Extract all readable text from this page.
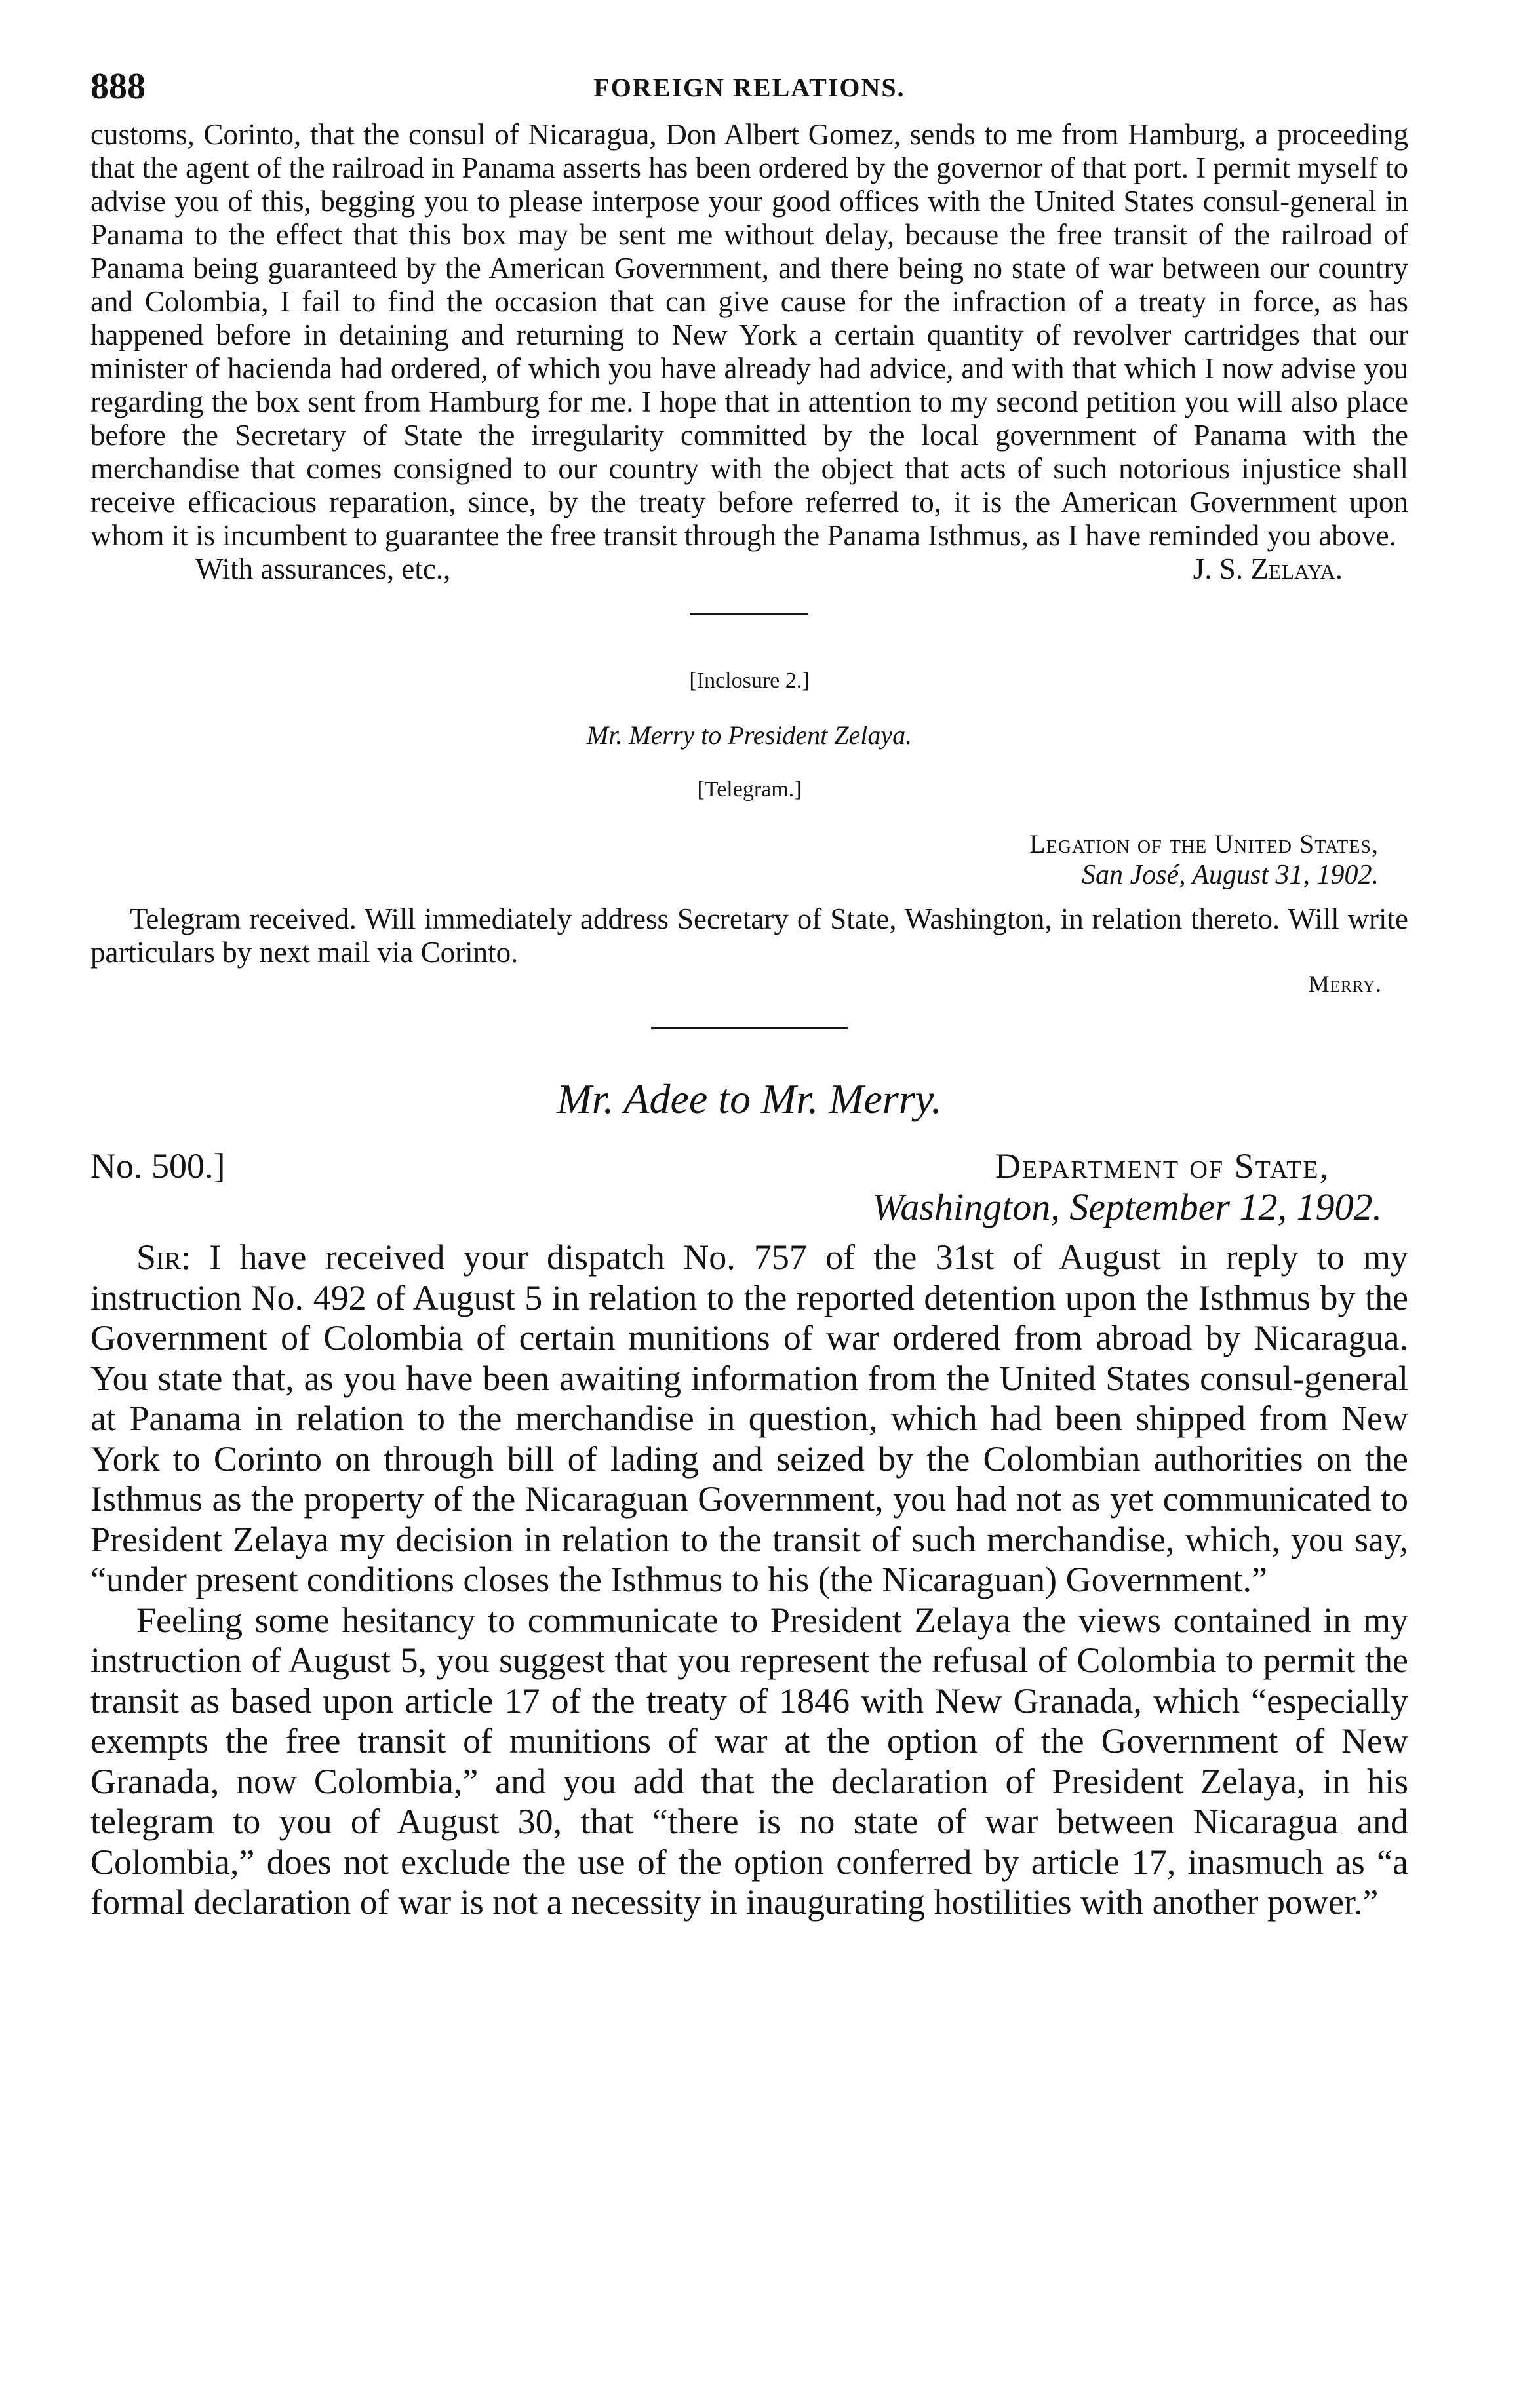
888	FOREIGN RELATIONS.

customs, Corinto, that the consul of Nicaragua, Don Albert Gomez, sends to me from Hamburg, a proceeding that the agent of the railroad in Panama asserts has been ordered by the governor of that port. I permit myself to advise you of this, begging you to please interpose your good offices with the United States consul-general in Panama to the effect that this box may be sent me without delay, because the free transit of the railroad of Panama being guaranteed by the American Government, and there being no state of war between our country and Colombia, I fail to find the occasion that can give cause for the infraction of a treaty in force, as has happened before in detaining and returning to New York a certain quantity of revolver cartridges that our minister of hacienda had ordered, of which you have already had advice, and with that which I now advise you regarding the box sent from Hamburg for me. I hope that in attention to my second petition you will also place before the Secretary of State the irregularity committed by the local government of Panama with the merchandise that comes consigned to our country with the object that acts of such notorious injustice shall receive efficacious reparation, since, by the treaty before referred to, it is the American Government upon whom it is incumbent to guarantee the free transit through the Panama Isthmus, as I have reminded you above.

With assurances, etc.,	J. S. Zelaya.
[Inclosure 2.]
Mr. Merry to President Zelaya.
[Telegram.]
Legation of the United States,
San José, August 31, 1902.

Telegram received. Will immediately address Secretary of State, Washington, in relation thereto. Will write particulars by next mail via Corinto.

Merry.
Mr. Adee to Mr. Merry.
No. 500.]	Department of State,
Washington, September 12, 1902.

Sir: I have received your dispatch No. 757 of the 31st of August in reply to my instruction No. 492 of August 5 in relation to the reported detention upon the Isthmus by the Government of Colombia of certain munitions of war ordered from abroad by Nicaragua. You state that, as you have been awaiting information from the United States consul-general at Panama in relation to the merchandise in question, which had been shipped from New York to Corinto on through bill of lading and seized by the Colombian authorities on the Isthmus as the property of the Nicaraguan Government, you had not as yet communicated to President Zelaya my decision in relation to the transit of such merchandise, which, you say, “under present conditions closes the Isthmus to his (the Nicaraguan) Government.”

Feeling some hesitancy to communicate to President Zelaya the views contained in my instruction of August 5, you suggest that you represent the refusal of Colombia to permit the transit as based upon article 17 of the treaty of 1846 with New Granada, which “especially exempts the free transit of munitions of war at the option of the Government of New Granada, now Colombia,” and you add that the declaration of President Zelaya, in his telegram to you of August 30, that “there is no state of war between Nicaragua and Colombia,” does not exclude the use of the option conferred by article 17, inasmuch as “a formal declaration of war is not a necessity in inaugurating hostilities with another power.”
